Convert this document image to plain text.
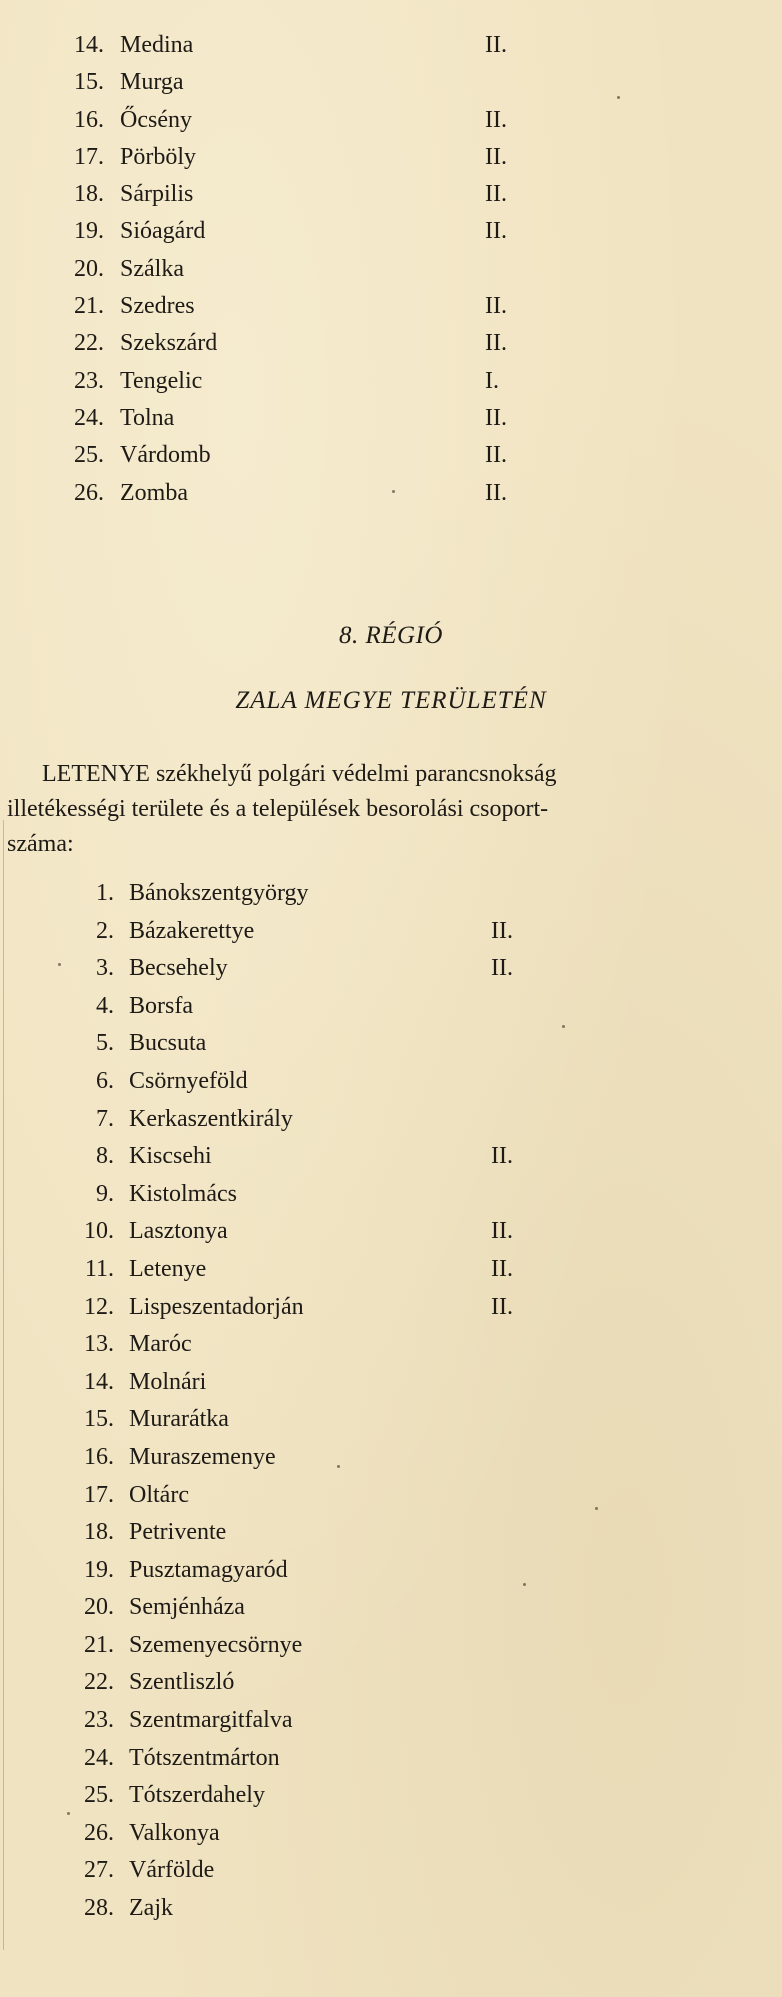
14. Medina	II.
15. Murga
16. Őcsény	II.
17. Pörböly	II.
18. Sárpilis	II.
19. Sióagárd	II.
20. Szálka
21. Szedres	II.
22. Szekszárd	II.
23. Tengelic	I.
24. Tolna	II.
25. Várdomb	II.
26. Zomba	II.
8. RÉGIÓ
ZALA MEGYE TERÜLETÉN
LETENYE székhelyű polgári védelmi parancsnokság
illetékességi területe és a települések besorolási csoport-
száma:
1. Bánokszentgyörgy
2. Bázakerettye	II.
3. Becsehely	II.
4. Borsfa
5. Bucsuta
6. Csörnyeföld
7. Kerkaszentkirály
8. Kiscsehi	II.
9. Kistolmács
10. Lasztonya	II.
11. Letenye	II.
12. Lispeszentadorján	II.
13. Maróc
14. Molnári
15. Murarátka
16. Muraszemenye
17. Oltárc
18. Petrivente
19. Pusztamagyaród
20. Semjénháza
21. Szemenyecsörnye
22. Szentliszló
23. Szentmargitfalva
24. Tótszentmárton
25. Tótszerdahely
26. Valkonya
27. Várfölde
28. Zajk
